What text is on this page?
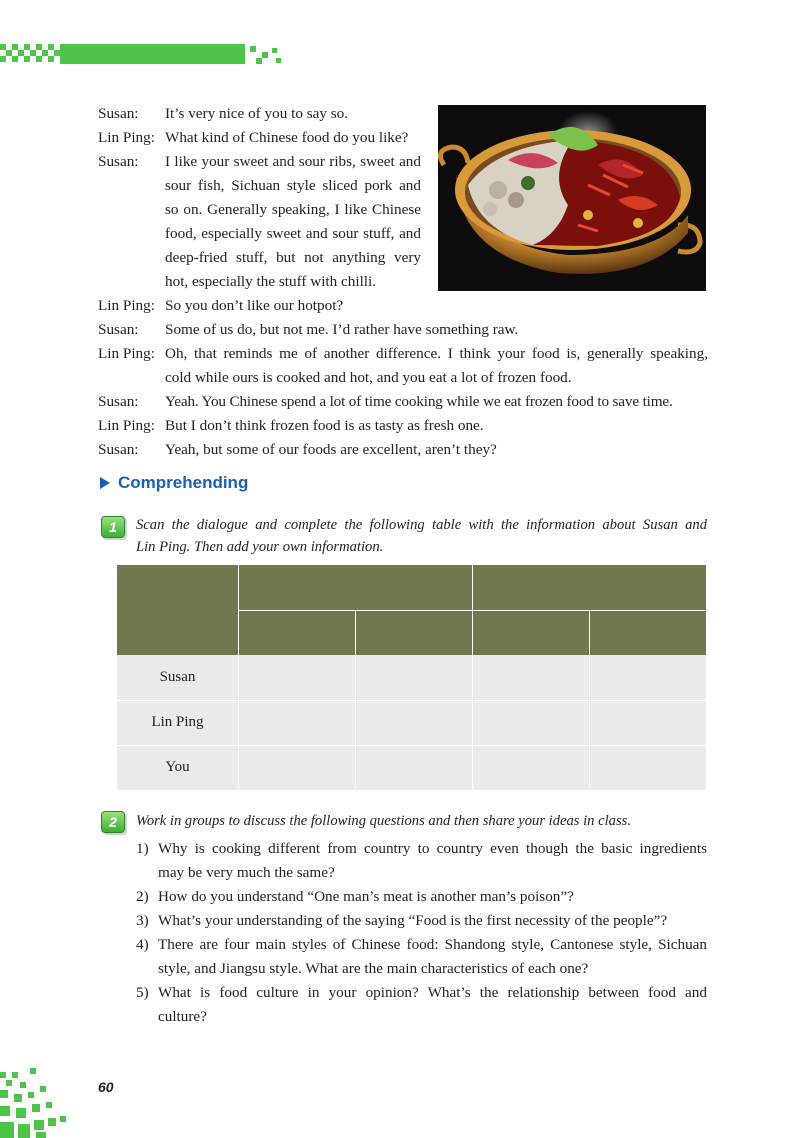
Susan:	It’s very nice of you to say so.
Lin Ping: What kind of Chinese food do you like?
Susan:	I like your sweet and sour ribs, sweet and
sour fish, Sichuan style sliced pork and
so on. Generally speaking, I like Chinese
food, especially sweet and sour stuff, and
deep-fried stuff, but not anything very
hot, especially the stuff with chilli.
Lin Ping: So you don’t like our hotpot?
Susan:	Some of us do, but not me. I’d rather have something raw.
Lin Ping: Oh, that reminds me of another difference. I think your food is, generally speaking,
cold while ours is cooked and hot, and you eat a lot of frozen food.
Susan:	Yeah. You Chinese spend a lot of time cooking while we eat frozen food to save time.
Lin Ping: But I don’t think frozen food is as tasty as fresh one.
Susan:	Yeah, but some of our foods are excellent, aren’t they?
Comprehending
1	Scan the dialogue and complete the following table with the information about Susan and
Lin Ping. Then add your own information.
Susan
Lin Ping
You
2	Work in groups to discuss the following questions and then share your ideas in class.
1) Why is cooking different from country to country even though the basic ingredients
may be very much the same?
2) How do you understand “One man’s meat is another man’s poison”?
3) What’s your understanding of the saying “Food is the first necessity of the people”?
4) There are four main styles of Chinese food: Shandong style, Cantonese style, Sichuan
style, and Jiangsu style. What are the main characteristics of each one?
5) What is food culture in your opinion? What’s the relationship between food and
culture?
60
